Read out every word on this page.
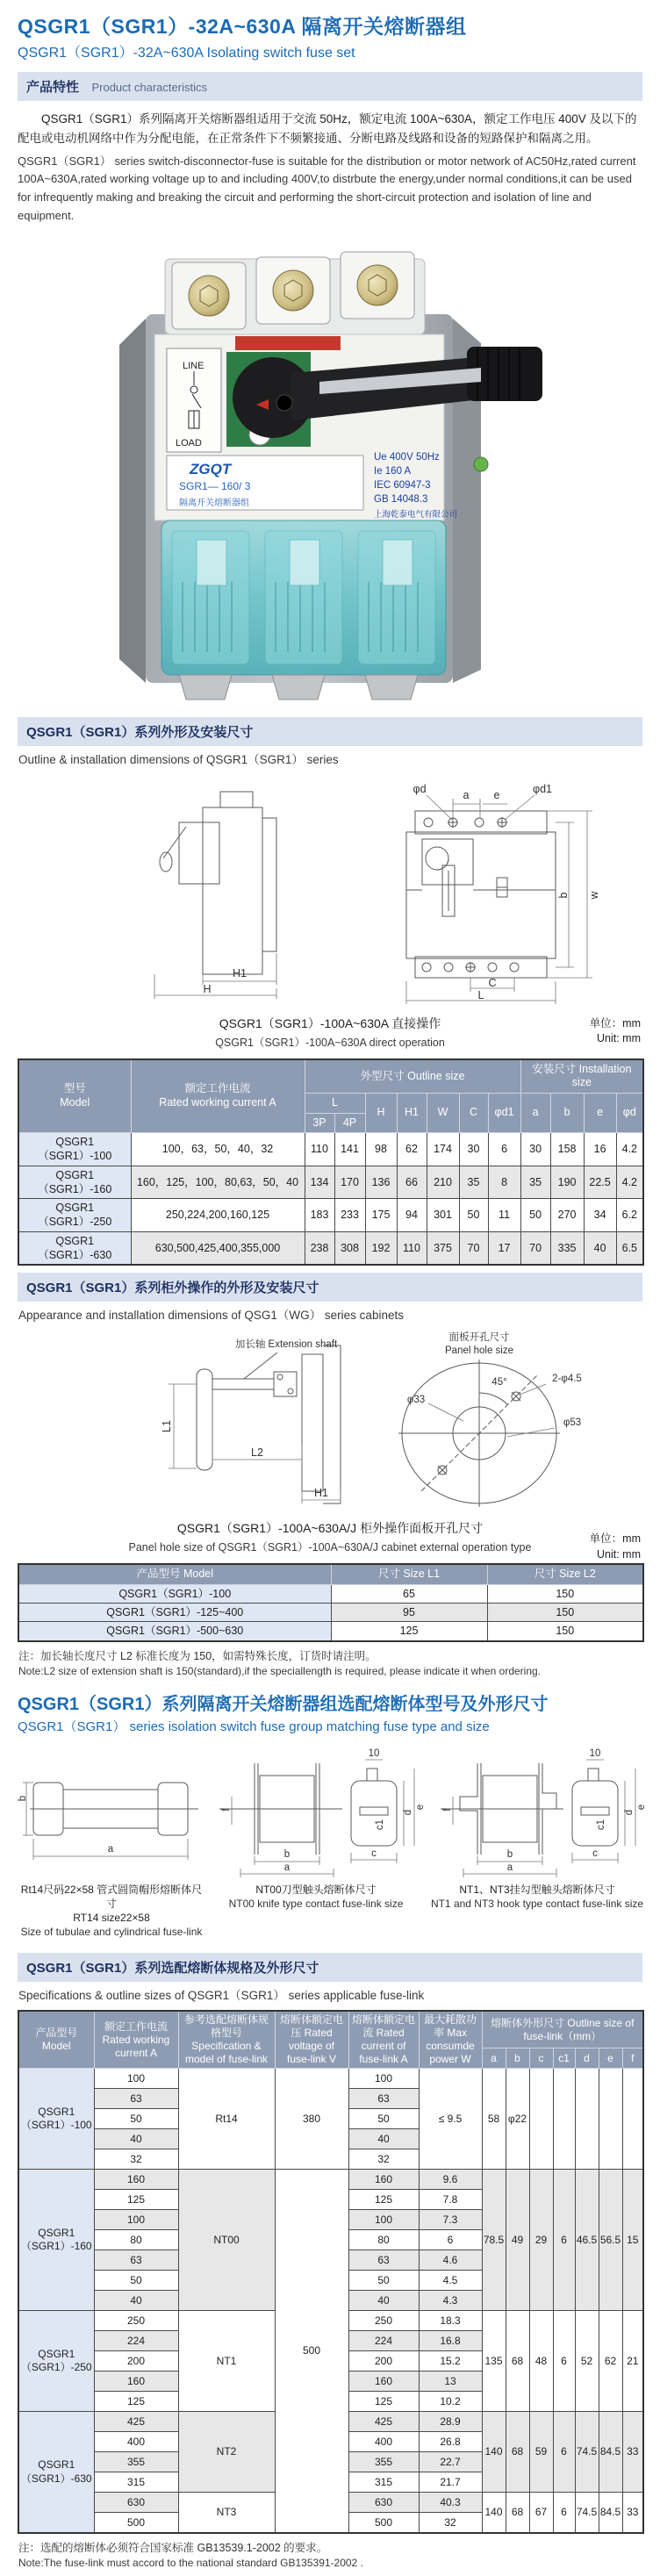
QSGR1（SGR1）-32A~630A 隔离开关熔断器组
QSGR1（SGR1）-32A~630A Isolating switch fuse set
产品特性 Product characteristics
QSGR1（SGR1）系列隔离开关熔断器组适用于交流 50Hz，额定电流 100A~630A，额定工作电压 400V 及以下的配电或电动机网络中作为分配电能，在正常条件下不频繁接通、分断电路及线路和设备的短路保护和隔离之用。
QSGR1（SGR1） series switch-disconnector-fuse is suitable for the distribution or motor network of AC50Hz,rated current 100A~630A,rated working voltage up to and including 400V,to distrbute the energy,under normal conditions,it can be used for infrequently making and breaking the circuit and performing the short-circuit protection and isolation of line and equipment.
LINE
LOAD
ZGQT
SGR1— 160/ 3
隔离开关熔断器组
Ue 400V 50Hz
Ie 160 A
IEC 60947-3
GB 14048.3
上海乾泰电气有限公司
QSGR1（SGR1）系列外形及安装尺寸
Outline & installation dimensions of QSGR1（SGR1） series
H1
H
φd	a e	φd1
b w
C
L
QSGR1（SGR1）-100A~630A 直接操作
QSGR1（SGR1）-100A~630A direct operation
单位：mm
Unit: mm
型号
Model

额定工作电流
Rated working current A
	外型尺寸 Outline size	安装尺寸 Installation size
		L		H	H1	W	C	φd1	a	b	e	φd
		3P	4P									
QSGR1（SGR1）-100	100，63，50，40，32	110	141	98	62	174	30	6	30	158	16	4.2
QSGR1（SGR1）-160	160，125，100，80,63，50，40	134	170	136	66	210	35	8	35	190	22.5	4.2
QSGR1（SGR1）-250	250,224,200,160,125	183	233	175	94	301	50	11	50	270	34	6.2
QSGR1（SGR1）-630	630,500,425,400,355,000	238	308	192	110	375	70	17	70	335	40	6.5
QSGR1（SGR1）系列柜外操作的外形及安装尺寸
Appearance and installation dimensions of QSG1（WG） series cabinets
加长轴 Extension shaft
L1
L2
H1
面板开孔尺寸
Panel hole size
φ33
45°	2-φ4.5
φ53
QSGR1（SGR1）-100A~630A/J 柜外操作面板开孔尺寸
Panel hole size of QSGR1（SGR1）-100A~630A/J cabinet external operation type
单位：mm
Unit: mm
产品型号 Model	尺寸 Size L1	尺寸 Size L2
QSGR1（SGR1）-100	65	150
QSGR1（SGR1）-125~400	95	150
QSGR1（SGR1）-500~630	125	150
注：加长轴长度尺寸 L2 标准长度为 150，如需特殊长度，订货时请注明。
Note:L2 size of extension shaft is 150(standard),if the speciallength is required, please indicate it when ordering.
QSGR1（SGR1）系列隔离开关熔断器组选配熔断体型号及外形尺寸
QSGR1（SGR1） series isolation switch fuse group matching fuse type and size
b
a
Rt14尺码22×58 管式圆筒帽形熔断体尺寸
RT14 size22×58
Size of tubulae and cylindrical fuse-link
f
b
a
10
c1
d
e
c
NT00刀型触头熔断体尺寸
NT00 knife type contact fuse-link size
f
b
a
10
c1
d
e
c
NT1、NT3挂勾型触头熔断体尺寸
NT1 and NT3 hook type contact fuse-link size
QSGR1（SGR1）系列选配熔断体规格及外形尺寸
Specifications & outline sizes of QSGR1（SGR1） series applicable fuse-link
产品型号 Model	额定工作电流 Rated working current A	参考选配熔断体规格型号 Specification & model of fuse-link	熔断体额定电压 Rated voltage of fuse-link V	熔断体额定电流 Rated current of fuse-link A	最大耗散功率 Max consumde power W	熔断体外形尺寸 Outline size of fuse-link（mm）						
						a	b	c	c1	d	e	f
QSGR1（SGR1）-100	100	Rt14	380	100	≤ 9.5	58	φ22					
	63			63								
	50			50								
	40			40								
	32			32								
QSGR1（SGR1）-160	160	NT00	500	160	9.6	78.5	49	29	6	46.5	56.5	15
	125			125	7.8							
	100			100	7.3							
	80			80	6							
	63			63	4.6							
	50			50	4.5							
	40			40	4.3							
QSGR1（SGR1）-250	250	NT1		250	18.3	135	68	48	6	52	62	21
	224			224	16.8							
	200			200	15.2							
	160			160	13							
	125			125	10.2							
QSGR1（SGR1）-630	425	NT2		425	28.9	140	68	59	6	74.5	84.5	33
	400			400	26.8							
	355			355	22.7							
	315			315	21.7							
	630	NT3		630	40.3	140	68	67	6	74.5	84.5	33
	500			500	32							
注：选配的熔断体必须符合国家标准 GB13539.1-2002 的要求。
Note:The fuse-link must accord to the national standard GB135391-2002 .
